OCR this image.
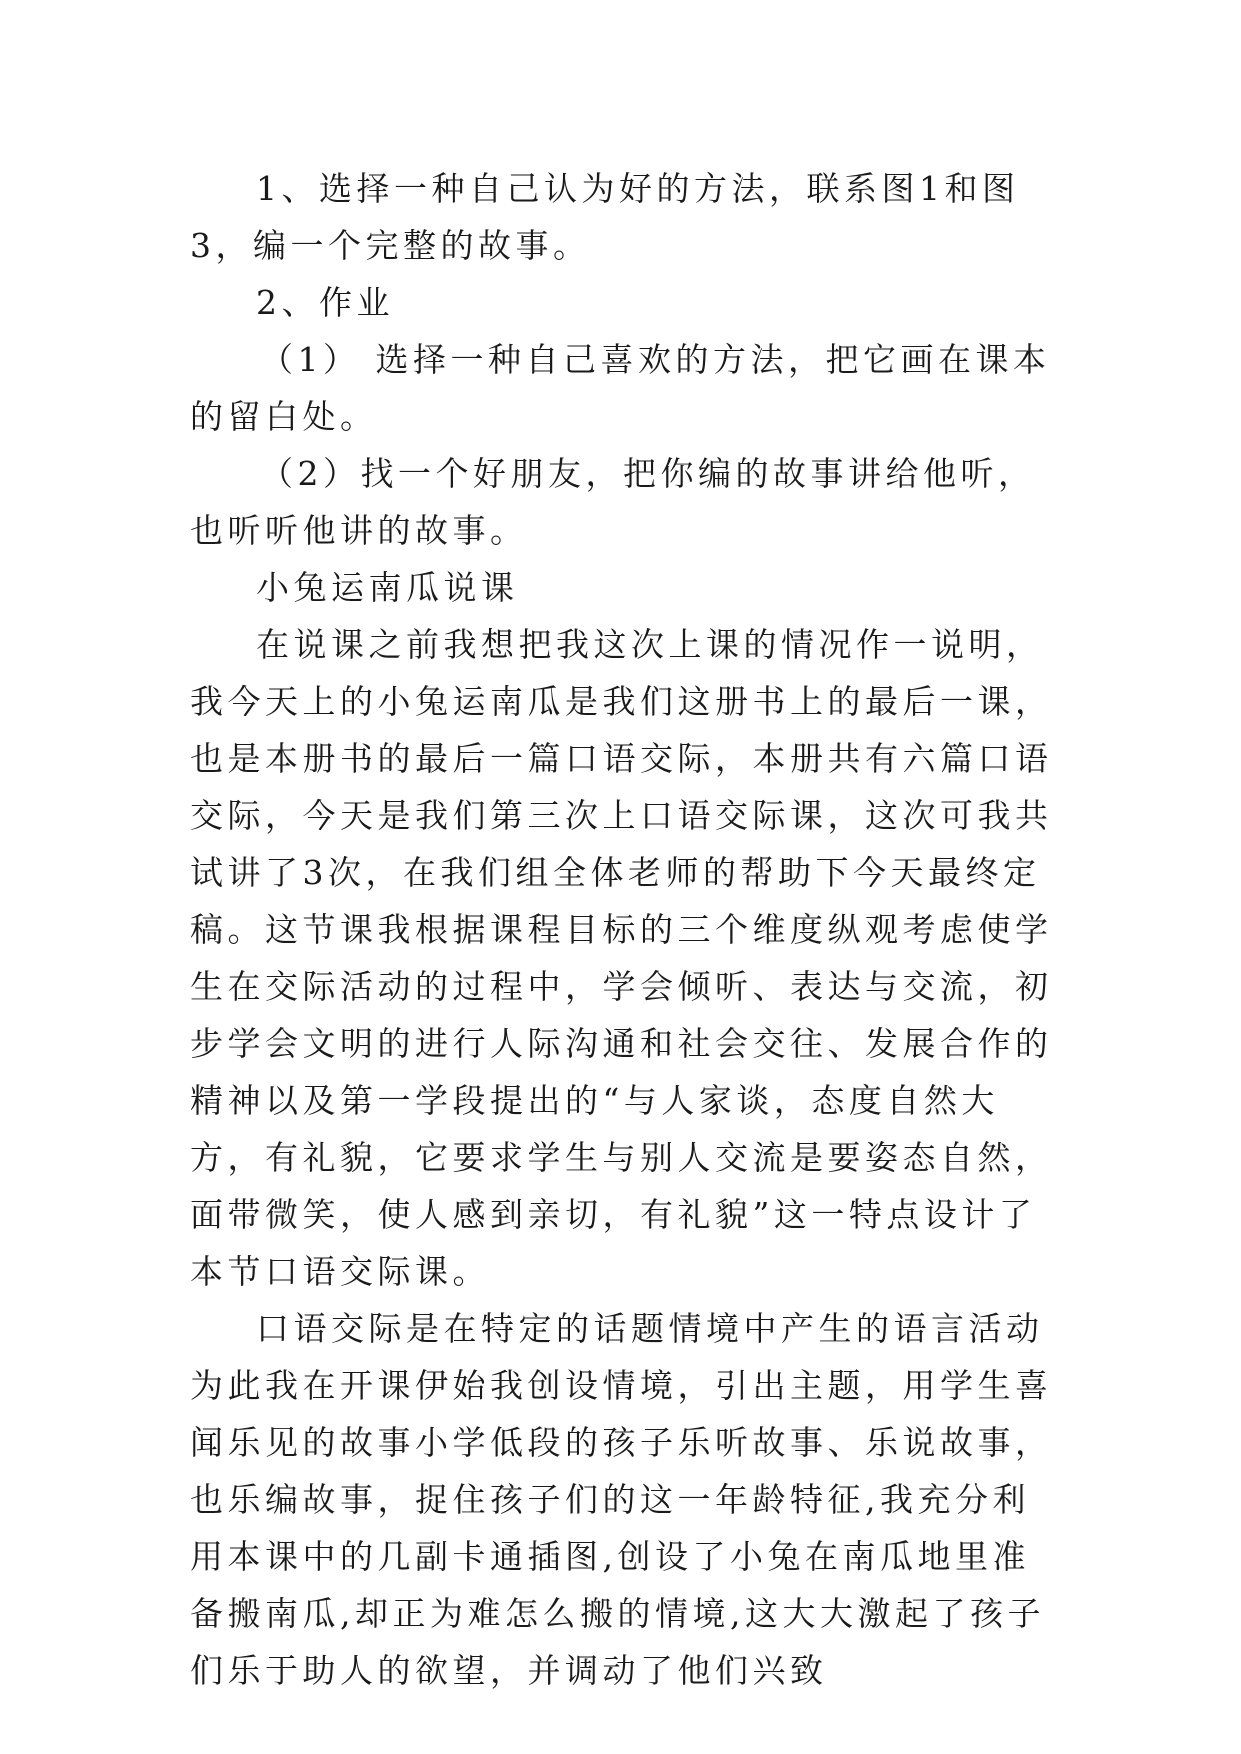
1、选择一种自己认为好的方法，联系图1和图3，编一个完整的故事。

2、作业

（1） 选择一种自己喜欢的方法，把它画在课本的留白处。

（2）找一个好朋友，把你编的故事讲给他听，也听听他讲的故事。

小兔运南瓜说课

在说课之前我想把我这次上课的情况作一说明，我今天上的小兔运南瓜是我们这册书上的最后一课，也是本册书的最后一篇口语交际，本册共有六篇口语交际，今天是我们第三次上口语交际课，这次可我共试讲了3次，在我们组全体老师的帮助下今天最终定稿。这节课我根据课程目标的三个维度纵观考虑使学生在交际活动的过程中，学会倾听、表达与交流，初步学会文明的进行人际沟通和社会交往、发展合作的精神以及第一学段提出的“与人家谈，态度自然大方，有礼貌，它要求学生与别人交流是要姿态自然，面带微笑，使人感到亲切，有礼貌”这一特点设计了本节口语交际课。

口语交际是在特定的话题情境中产生的语言活动为此我在开课伊始我创设情境，引出主题，用学生喜闻乐见的故事小学低段的孩子乐听故事、乐说故事，也乐编故事，捉住孩子们的这一年龄特征,我充分利用本课中的几副卡通插图,创设了小兔在南瓜地里准备搬南瓜,却正为难怎么搬的情境,这大大激起了孩子们乐于助人的欲望，并调动了他们兴致
